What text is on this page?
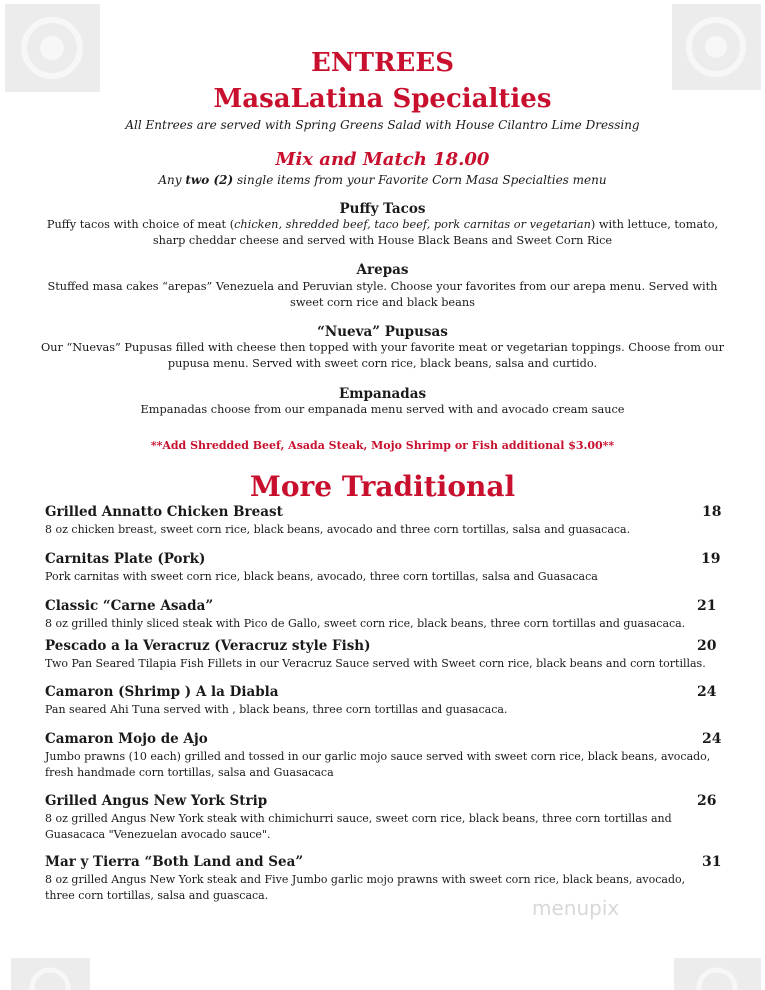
ENTREES
MasaLatina Specialties
All Entrees are served with Spring Greens Salad with House Cilantro Lime Dressing
Mix and Match 18.00
Any two (2) single items from your Favorite Corn Masa Specialties menu
Puffy Tacos
Puffy tacos with choice of meat (chicken, shredded beef, taco beef, pork carnitas or vegetarian) with lettuce, tomato, sharp cheddar cheese and served with House Black Beans and Sweet Corn Rice
Arepas
Stuffed masa cakes “arepas” Venezuela and Peruvian style. Choose your favorites from our arepa menu. Served with sweet corn rice and black beans
“Nueva” Pupusas
Our “Nuevas” Pupusas filled with cheese then topped with your favorite meat or vegetarian toppings. Choose from our pupusa menu. Served with sweet corn rice, black beans, salsa and curtido.
Empanadas
Empanadas choose from our empanada menu served with and avocado cream sauce
**Add Shredded Beef, Asada Steak, Mojo Shrimp or Fish additional $3.00**
More Traditional
Grilled Annatto Chicken Breast	18
8 oz chicken breast, sweet corn rice, black beans, avocado and three corn tortillas, salsa and guasacaca.
Carnitas Plate (Pork)	19
Pork carnitas with sweet corn rice, black beans, avocado, three corn tortillas, salsa and Guasacaca
Classic “Carne Asada”	21
8 oz grilled thinly sliced steak with Pico de Gallo, sweet corn rice, black beans, three corn tortillas and guasacaca.
Pescado a la Veracruz (Veracruz style Fish)	20
Two Pan Seared Tilapia Fish Fillets in our Veracruz Sauce served with Sweet corn rice, black beans and corn tortillas.
Camaron (Shrimp ) A la Diabla	24
Pan seared Ahi Tuna served with , black beans, three corn tortillas and guasacaca.
Camaron Mojo de Ajo	24
Jumbo prawns (10 each) grilled and tossed in our garlic mojo sauce served with sweet corn rice, black beans, avocado, fresh handmade corn tortillas, salsa and Guasacaca
Grilled Angus New York Strip	26
8 oz grilled Angus New York steak with chimichurri sauce, sweet corn rice, black beans, three corn tortillas and Guasacaca "Venezuelan avocado sauce".
Mar y Tierra “Both Land and Sea”	31
8 oz grilled Angus New York steak and Five Jumbo garlic mojo prawns with sweet corn rice, black beans, avocado, three corn tortillas, salsa and guascaca.
menupix
